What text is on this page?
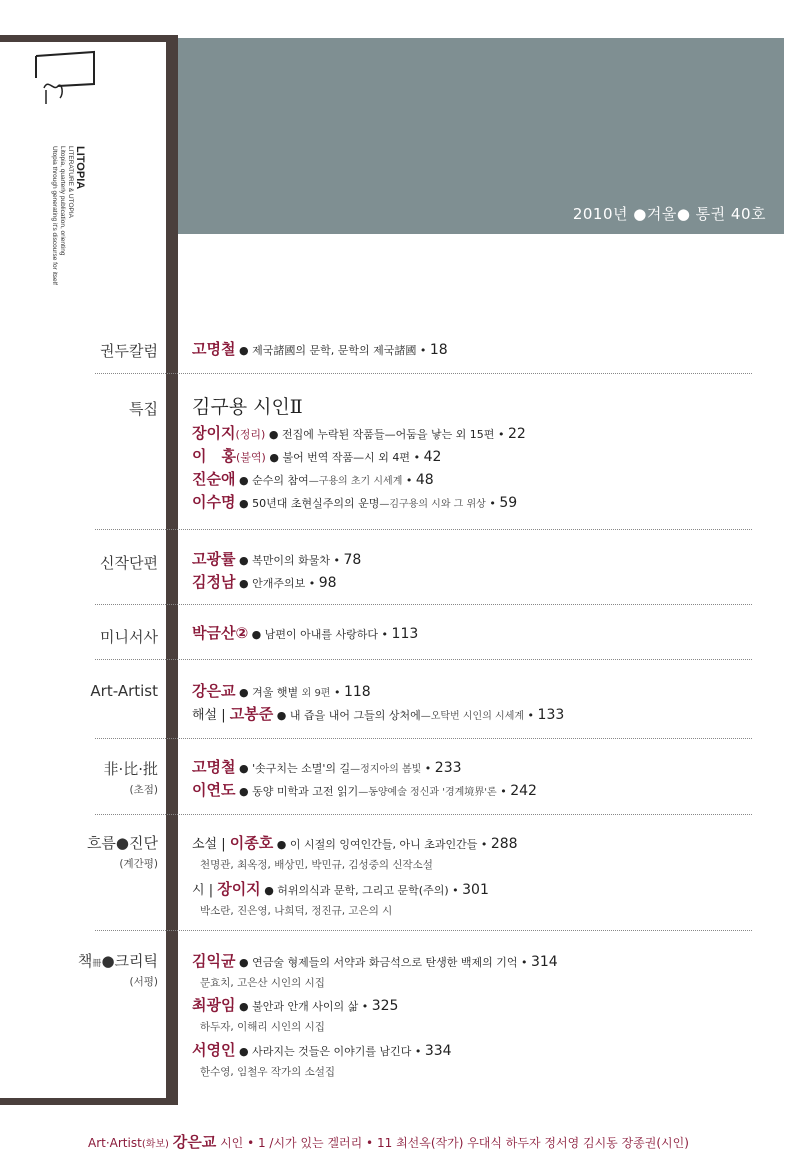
2010년 ●겨울● 통권 40호
LITOPIA
LITERATURE & UTOPIA
Litopia, quarterly publication, orienting
Utopia through generating it's discourse for itself
권두칼럼 고명철 ● 제국諸國의 문학, 문학의 제국諸國 • 18
특집 김구용 시인Ⅱ
장이지(정리) ● 전집에 누락된 작품들—어둠을 낳는 외 15편 • 22
이　홍(불역) ● 불어 번역 작품—시 외 4편 • 42
진순애 ● 순수의 참여—구용의 초기 시세계 • 48
이수명 ● 50년대 초현실주의의 운명—김구용의 시와 그 위상 • 59
신작단편 고광률 ● 복만이의 화물차 • 78
김정남 ● 안개주의보 • 98
미니서사 박금산② ● 남편이 아내를 사랑하다 • 113
Art-Artist 강은교 ● 겨울 햇볕 외 9편 • 118
해설 | 고봉준 ● 내 즙을 내어 그들의 상처에—오탁번 시인의 시세계 • 133
非·比·批
(초점)
고명철 ● '솟구치는 소멸'의 길—정지아의 봄빛 • 233
이연도 ● 동양 미학과 고전 읽기—동양예술 정신과 '경계境界'론 • 242
흐름●진단
(계간평)
소설 | 이종호 ● 이 시절의 잉여인간들, 아니 초과인간들 • 288
천명관, 최옥정, 배상민, 박민규, 김성중의 신작소설
시 | 장이지 ● 허위의식과 문학, 그리고 문학(주의) • 301
박소란, 진은영, 나희덕, 정진규, 고은의 시
책冊●크리틱
(서평)
김익균 ● 연금술 형제들의 서약과 화금석으로 탄생한 백제의 기억 • 314
문효치, 고은산 시인의 시집
최광임 ● 불안과 안개 사이의 삶 • 325
하두자, 이해리 시인의 시집
서영인 ● 사라지는 것들은 이야기를 남긴다 • 334
한수영, 임철우 작가의 소설집
Art·Artist(화보) 강은교 시인 • 1 /시가 있는 겔러리 • 11 최선옥(작가) 우대식 하두자 정서영 김시동 장종권(시인)
